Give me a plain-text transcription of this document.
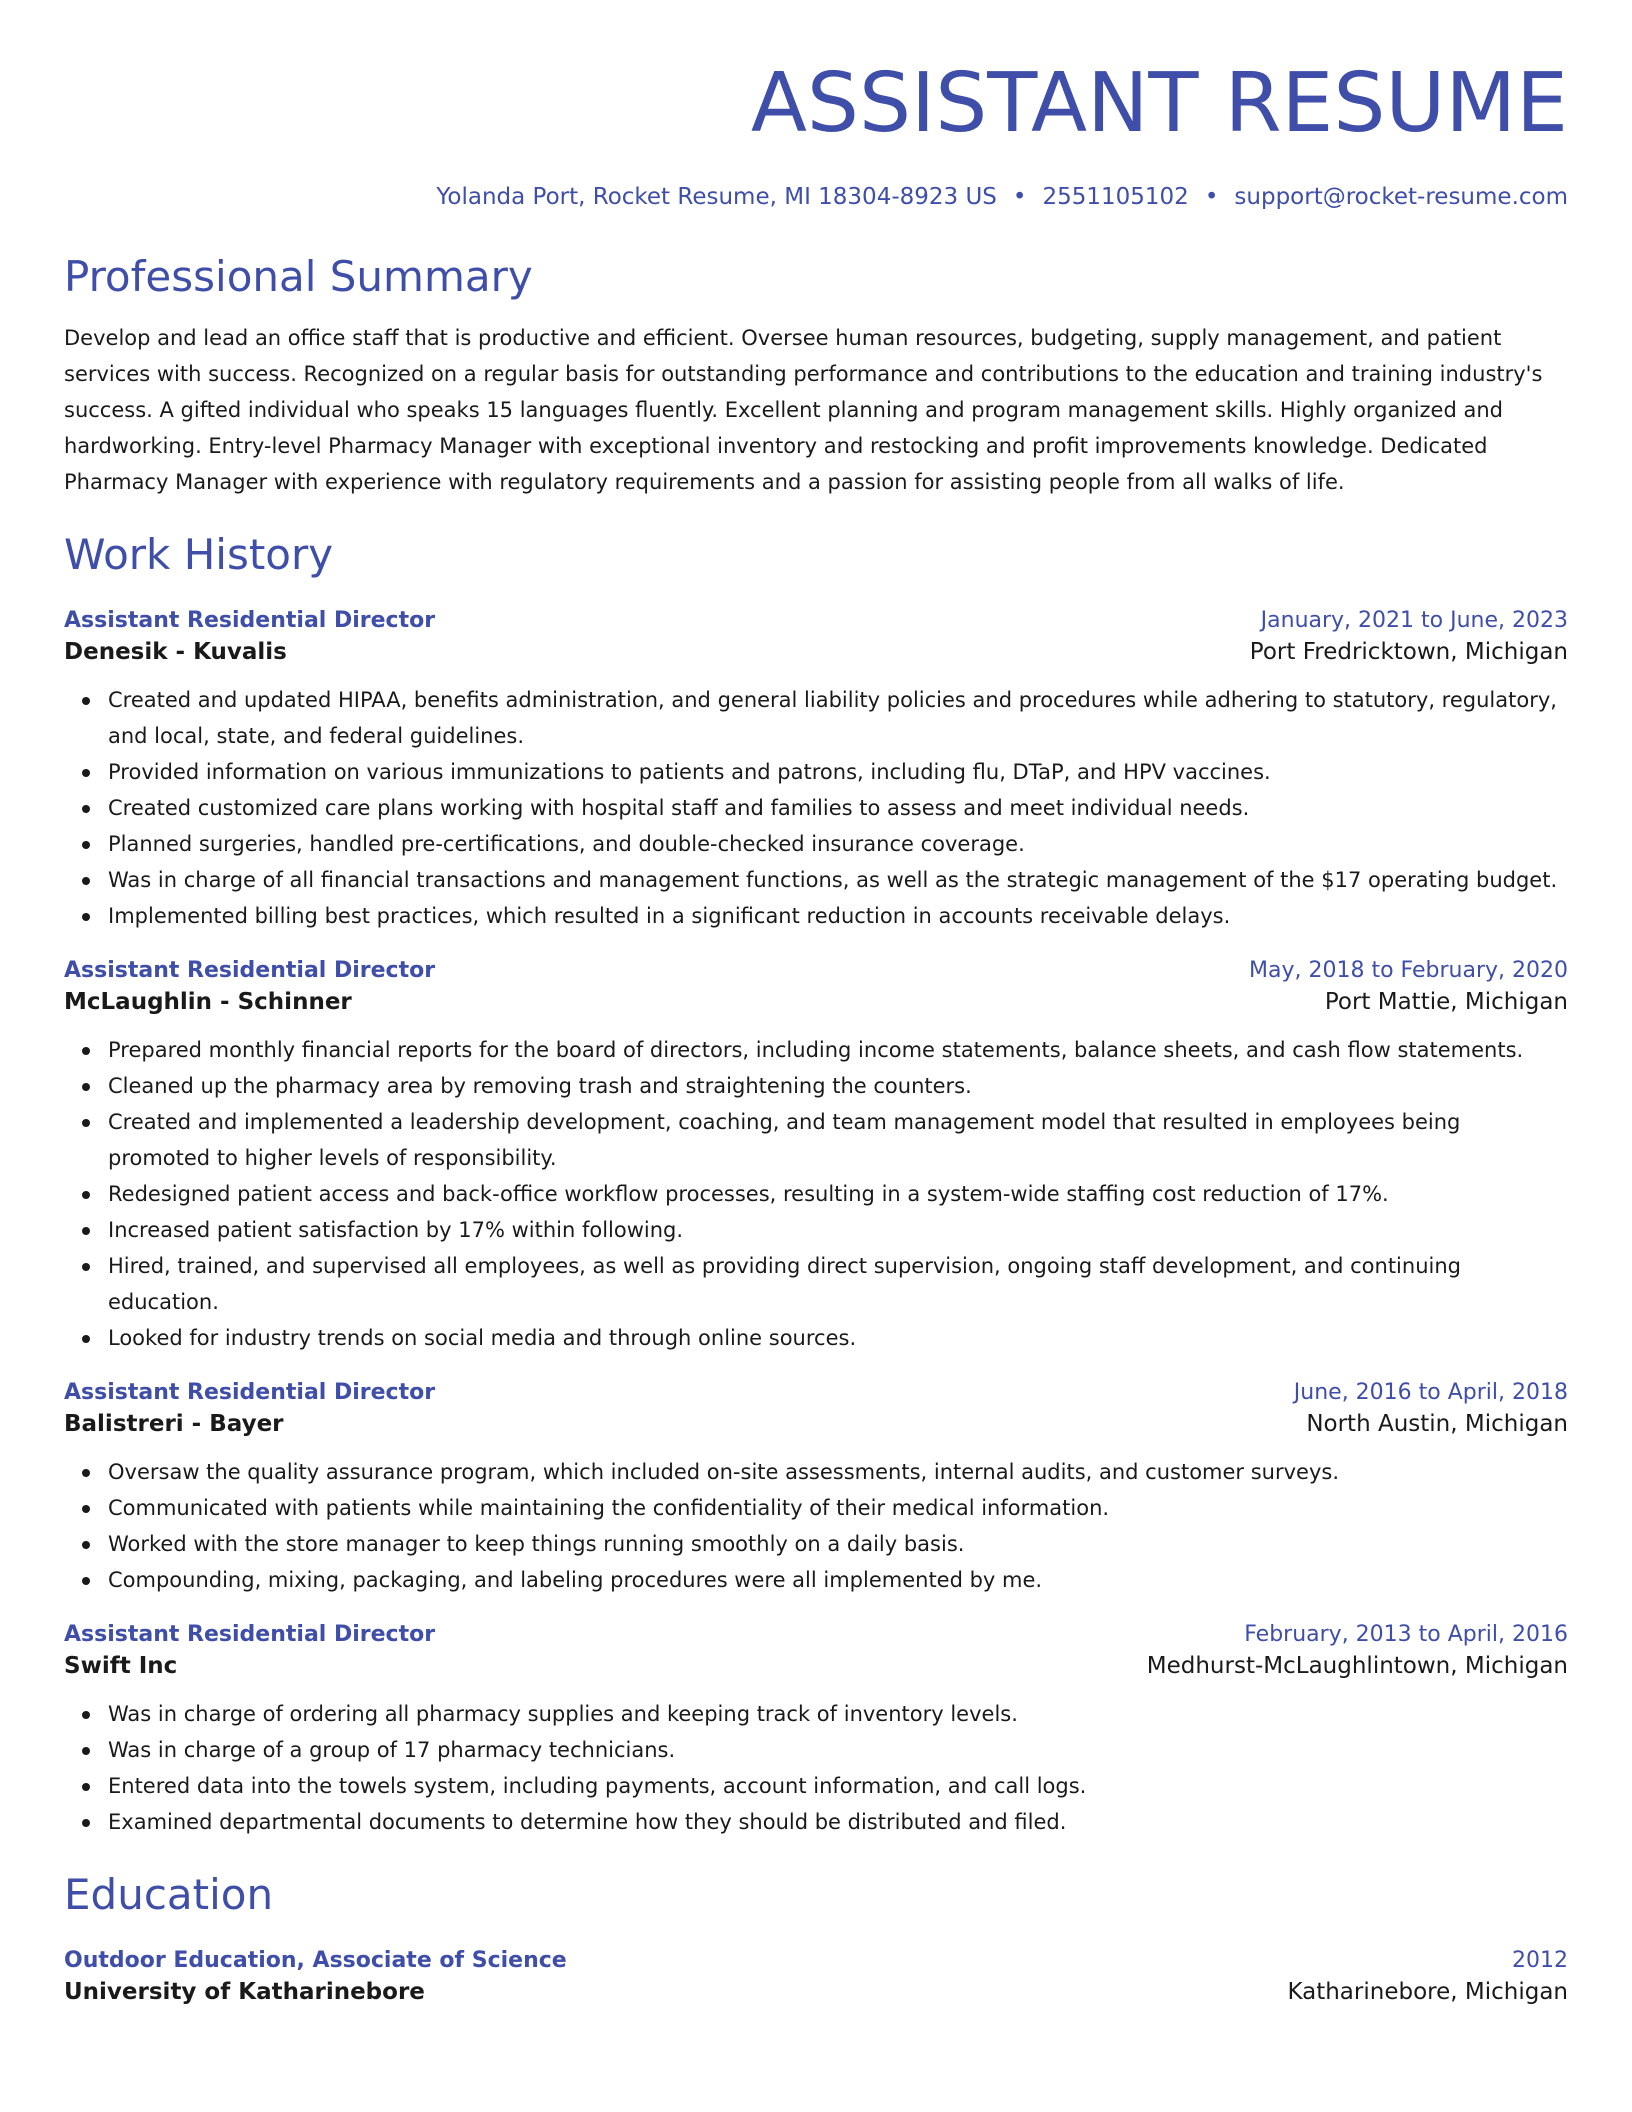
ASSISTANT RESUME
Yolanda Port, Rocket Resume, MI 18304-8923 US • 2551105102 • support@rocket-resume.com
Professional Summary
Develop and lead an office staff that is productive and efficient. Oversee human resources, budgeting, supply management, and patient services with success. Recognized on a regular basis for outstanding performance and contributions to the education and training industry's success. A gifted individual who speaks 15 languages fluently. Excellent planning and program management skills. Highly organized and hardworking. Entry-level Pharmacy Manager with exceptional inventory and restocking and profit improvements knowledge. Dedicated Pharmacy Manager with experience with regulatory requirements and a passion for assisting people from all walks of life.
Work History
Assistant Residential Director	January, 2021 to June, 2023
Denesik - Kuvalis	Port Fredricktown, Michigan
Created and updated HIPAA, benefits administration, and general liability policies and procedures while adhering to statutory, regulatory, and local, state, and federal guidelines.
Provided information on various immunizations to patients and patrons, including flu, DTaP, and HPV vaccines.
Created customized care plans working with hospital staff and families to assess and meet individual needs.
Planned surgeries, handled pre-certifications, and double-checked insurance coverage.
Was in charge of all financial transactions and management functions, as well as the strategic management of the $17 operating budget.
Implemented billing best practices, which resulted in a significant reduction in accounts receivable delays.
Assistant Residential Director	May, 2018 to February, 2020
McLaughlin - Schinner	Port Mattie, Michigan
Prepared monthly financial reports for the board of directors, including income statements, balance sheets, and cash flow statements.
Cleaned up the pharmacy area by removing trash and straightening the counters.
Created and implemented a leadership development, coaching, and team management model that resulted in employees being promoted to higher levels of responsibility.
Redesigned patient access and back-office workflow processes, resulting in a system-wide staffing cost reduction of 17%.
Increased patient satisfaction by 17% within following.
Hired, trained, and supervised all employees, as well as providing direct supervision, ongoing staff development, and continuing education.
Looked for industry trends on social media and through online sources.
Assistant Residential Director	June, 2016 to April, 2018
Balistreri - Bayer	North Austin, Michigan
Oversaw the quality assurance program, which included on-site assessments, internal audits, and customer surveys.
Communicated with patients while maintaining the confidentiality of their medical information.
Worked with the store manager to keep things running smoothly on a daily basis.
Compounding, mixing, packaging, and labeling procedures were all implemented by me.
Assistant Residential Director	February, 2013 to April, 2016
Swift Inc	Medhurst-McLaughlintown, Michigan
Was in charge of ordering all pharmacy supplies and keeping track of inventory levels.
Was in charge of a group of 17 pharmacy technicians.
Entered data into the towels system, including payments, account information, and call logs.
Examined departmental documents to determine how they should be distributed and filed.
Education
Outdoor Education, Associate of Science	2012
University of Katharinebore	Katharinebore, Michigan
